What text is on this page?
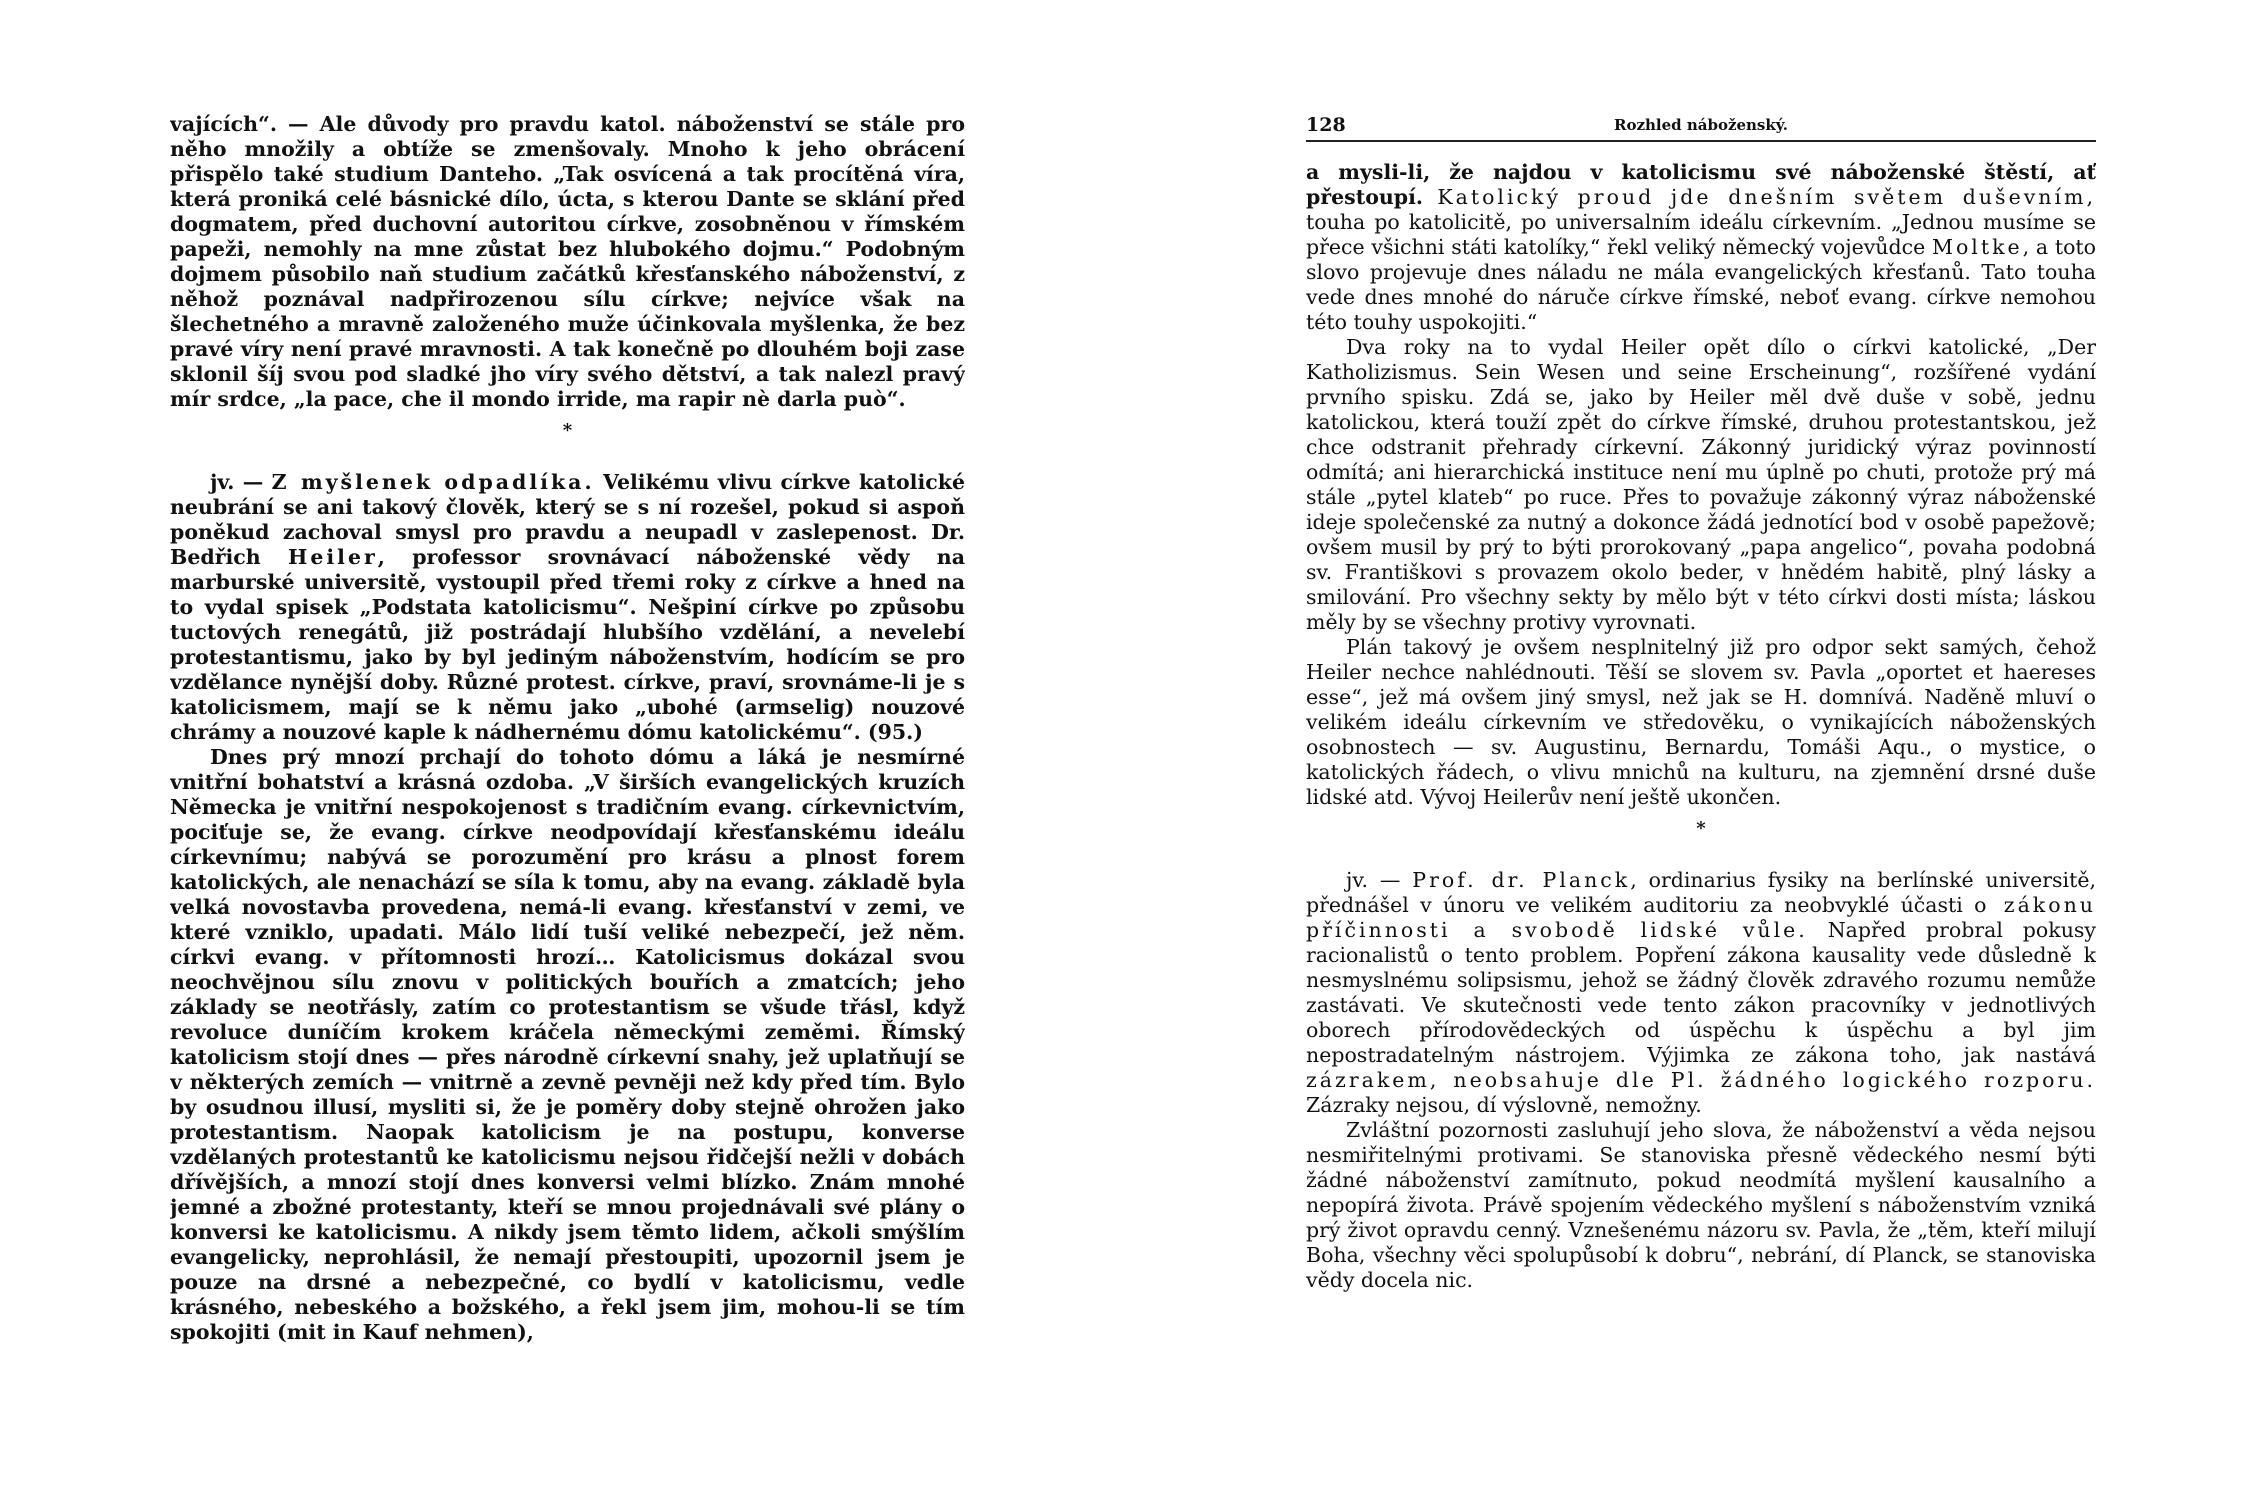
vajících“. — Ale důvody pro pravdu katol. náboženství se stále pro něho množily a obtíže se zmenšovaly. Mnoho k jeho obrácení přispělo také studium Danteho. „Tak osvícená a tak procítěná víra, která proniká celé básnické dílo, úcta, s kterou Dante se sklání před dogmatem, před duchovní autoritou církve, zosobněnou v římském papeži, nemohly na mne zůstat bez hlubokého dojmu.“ Podobným dojmem působilo naň studium začátků křesťanského náboženství, z něhož poznával nadpřirozenou sílu církve; nejvíce však na šlechetného a mravně založeného muže účinkovala myšlenka, že bez pravé víry není pravé mravnosti. A tak konečně po dlouhém boji zase sklonil šíj svou pod sladké jho víry svého dětství, a tak nalezl pravý mír srdce, „la pace, che il mondo irride, ma rapir nè darla può“.

*

jv. — Z myšlenek odpadlíka. Velikému vlivu církve katolické neubrání se ani takový člověk, který se s ní rozešel, pokud si aspoň poněkud zachoval smysl pro pravdu a neupadl v zaslepenost. Dr. Bedřich Heiler, professor srovnávací náboženské vědy na marburské universitě, vystoupil před třemi roky z církve a hned na to vydal spisek „Podstata katolicismu“. Nešpiní církve po způsobu tuctových renegátů, již postrádají hlubšího vzdělání, a nevelebí protestantismu, jako by byl jediným náboženstvím, hodícím se pro vzdělance nynější doby. Různé protest. církve, praví, srovnáme-li je s katolicismem, mají se k němu jako „ubohé (armselig) nouzové chrámy a nouzové kaple k nádhernému dómu katolickému“. (95.)

Dnes prý mnozí prchají do tohoto dómu a láká je nesmírné vnitřní bohatství a krásná ozdoba. „V širších evangelických kruzích Německa je vnitřní nespokojenost s tradičním evang. církevnictvím, pociťuje se, že evang. církve neodpovídají křesťanskému ideálu církevnímu; nabývá se porozumění pro krásu a plnost forem katolických, ale nenachází se síla k tomu, aby na evang. základě byla velká novostavba provedena, nemá-li evang. křesťanství v zemi, ve které vzniklo, upadati. Málo lidí tuší veliké nebezpečí, jež něm. církvi evang. v přítomnosti hrozí… Katolicismus dokázal svou neochvějnou sílu znovu v politických bouřích a zmatcích; jeho základy se neotřásly, zatím co protestantism se všude třásl, když revoluce duníčím krokem kráčela německými zeměmi. Římský katolicism stojí dnes — přes národně církevní snahy, jež uplatňují se v některých zemích — vnitrně a zevně pevněji než kdy před tím. Bylo by osudnou illusí, mysliti si, že je poměry doby stejně ohrožen jako protestantism. Naopak katolicism je na postupu, konverse vzdělaných protestantů ke katolicismu nejsou řidčejší nežli v dobách dřívějších, a mnozí stojí dnes konversi velmi blízko. Znám mnohé jemné a zbožné protestanty, kteří se mnou projednávali své plány o konversi ke katolicismu. A nikdy jsem těmto lidem, ačkoli smýšlím evangelicky, neprohlásil, že nemají přestoupiti, upozornil jsem je pouze na drsné a nebezpečné, co bydlí v katolicismu, vedle krásného, nebeského a božského, a řekl jsem jim, mohou-li se tím spokojiti (mit in Kauf nehmen),

128	Rozhled náboženský.

a mysli-li, že najdou v katolicismu své náboženské štěstí, ať přestoupí. Katolický proud jde dnešním světem duševním, touha po katolicitě, po universalním ideálu církevním. „Jednou musíme se přece všichni státi katolíky,“ řekl veliký německý vojevůdce Moltke, a toto slovo projevuje dnes náladu ne mála evangelických křesťanů. Tato touha vede dnes mnohé do náruče církve římské, neboť evang. církve nemohou této touhy uspokojiti.“

Dva roky na to vydal Heiler opět dílo o církvi katolické, „Der Katholizismus. Sein Wesen und seine Erscheinung“, rozšířené vydání prvního spisku. Zdá se, jako by Heiler měl dvě duše v sobě, jednu katolickou, která touží zpět do církve římské, druhou protestantskou, jež chce odstranit přehrady církevní. Zákonný juridický výraz povinností odmítá; ani hierarchická instituce není mu úplně po chuti, protože prý má stále „pytel klateb“ po ruce. Přes to považuje zákonný výraz náboženské ideje společenské za nutný a dokonce žádá jednotící bod v osobě papežově; ovšem musil by prý to býti prorokovaný „papa angelico“, povaha podobná sv. Františkovi s provazem okolo beder, v hnědém habitě, plný lásky a smilování. Pro všechny sekty by mělo být v této církvi dosti místa; láskou měly by se všechny protivy vyrovnati.

Plán takový je ovšem nesplnitelný již pro odpor sekt samých, čehož Heiler nechce nahlédnouti. Těší se slovem sv. Pavla „oportet et haereses esse“, jež má ovšem jiný smysl, než jak se H. domnívá. Naděně mluví o velikém ideálu církevním ve středověku, o vynikajících náboženských osobnostech — sv. Augustinu, Bernardu, Tomáši Aqu., o mystice, o katolických řádech, o vlivu mnichů na kulturu, na zjemnění drsné duše lidské atd. Vývoj Heilerův není ještě ukončen.

*

jv. — Prof. dr. Planck, ordinarius fysiky na berlínské universitě, přednášel v únoru ve velikém auditoriu za neobvyklé účasti o zákonu příčinnosti a svobodě lidské vůle. Napřed probral pokusy racionalistů o tento problem. Popření zákona kausality vede důsledně k nesmyslnému solipsismu, jehož se žádný člověk zdravého rozumu nemůže zastávati. Ve skutečnosti vede tento zákon pracovníky v jednotlivých oborech přírodovědeckých od úspěchu k úspěchu a byl jim nepostradatelným nástrojem. Výjimka ze zákona toho, jak nastává zázrakem, neobsahuje dle Pl. žádného logického rozporu. Zázraky nejsou, dí výslovně, nemožny.

Zvláštní pozornosti zasluhují jeho slova, že náboženství a věda nejsou nesmiřitelnými protivami. Se stanoviska přesně vědeckého nesmí býti žádné náboženství zamítnuto, pokud neodmítá myšlení kausalního a nepopírá života. Právě spojením vědeckého myšlení s náboženstvím vzniká prý život opravdu cenný. Vznešenému názoru sv. Pavla, že „těm, kteří milují Boha, všechny věci spolupůsobí k dobru“, nebrání, dí Planck, se stanoviska vědy docela nic.
